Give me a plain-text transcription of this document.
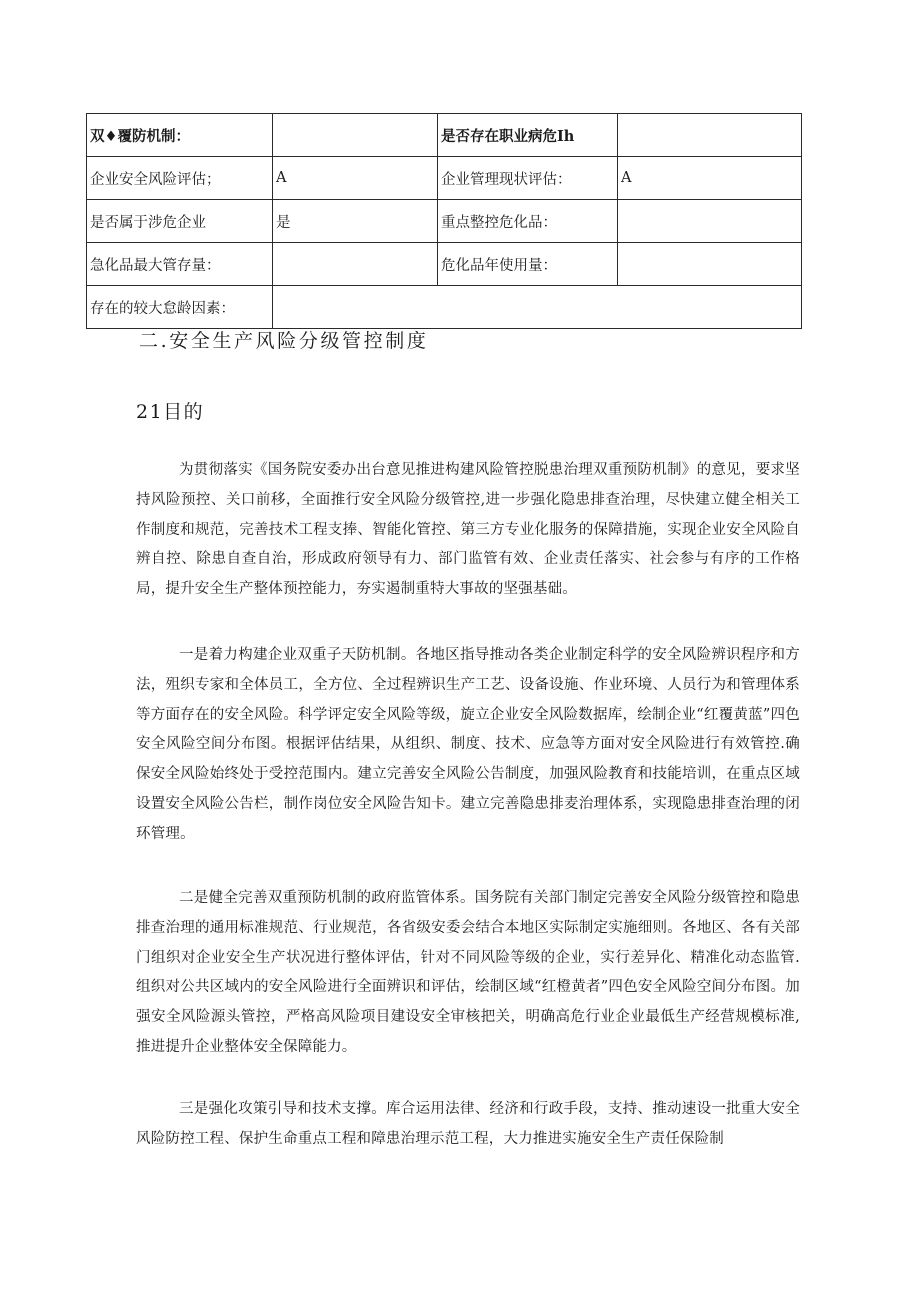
双♦覆防机制：		是否存在职业病危Ih	
企业安全风险评估；	A	企业管理现状评估：	A
是否属于涉危企业	是	重点整控危化品：	
急化品最大管存量：		危化品年使用量：	
存在的较大怠龄因素：			
二.安全生产风险分级管控制度
21目的

为贯彻落实《国务院安委办出台意见推进构建风险管控脱患治理双重预防机制》的意见，要求坚持风险预控、关口前移，全面推行安全风险分级管控,进一步强化隐患排查治理，尽快建立健全相关工作制度和规范，完善技术工程支捧、智能化管控、第三方专业化服务的保障措施，实现企业安全风险自辨自控、除患自查自治，形成政府领导有力、部门监管有效、企业责任落实、社会参与有序的工作格局，提升安全生产整体预控能力，夯实遏制重特大事故的坚强基础。

一是着力构建企业双重子天防机制。各地区指导推动各类企业制定科学的安全风险辨识程序和方法，殂织专家和全体员工，全方位、全过程辨识生产工艺、设备设施、作业环境、人员行为和管理体系等方面存在的安全风险。科学评定安全风险等级，旋立企业安全风险数据库，绘制企业“红覆黄蓝”四色安全风险空间分布图。根据评估结果，从组织、制度、技术、应急等方面对安全风险进行有效管控.确保安全风险始终处于受控范围内。建立完善安全风险公告制度，加强风险教育和技能培训，在重点区域设置安全风险公告栏，制作岗位安全风险告知卡。建立完善隐患排麦治理体系，实现隐患排查治理的闭环管理。

二是健全完善双重预防机制的政府监管体系。国务院有关部门制定完善安全风险分级管控和隐患排查治理的通用标准规范、行业规范，各省级安委会结合本地区实际制定实施细则。各地区、各有关部门组织对企业安全生产状况进行整体评估，针对不同风险等级的企业，实行差异化、精准化动态监管.组织对公共区域内的安全风险进行全面辨识和评估，绘制区域“红橙黄者”四色安全风险空间分布图。加强安全风险源头管控，严格高风险项目建设安全审核把关，明确高危行业企业最低生产经营规模标准,推进提升企业整体安全保障能力。

三是强化攻策引导和技术支撑。库合运用法律、经济和行政手段，支持、推动速设一批重大安全风险防控工程、保护生命重点工程和障患治理示范工程，大力推进实施安全生产责任保险制
